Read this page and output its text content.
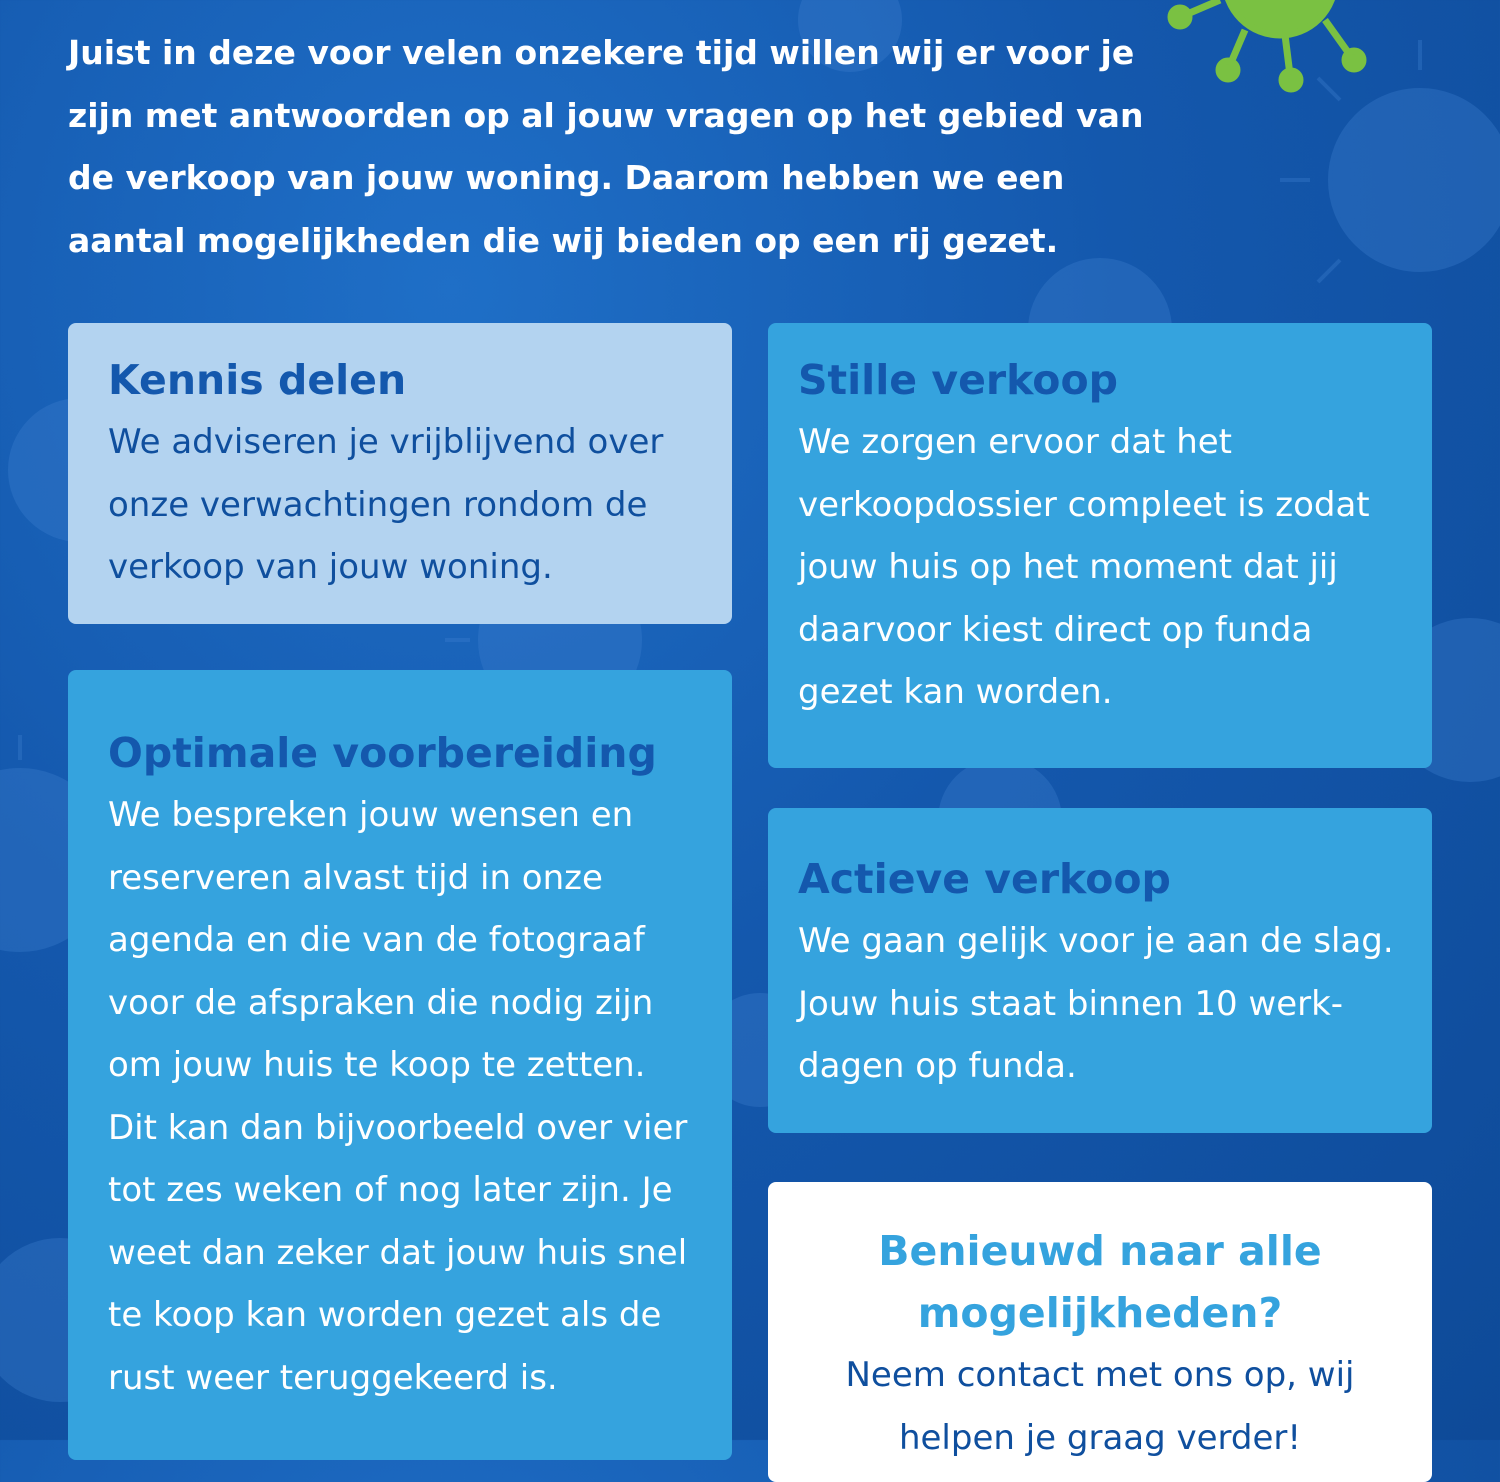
Juist in deze voor velen onzekere tijd willen wij er voor je zijn met antwoorden op al jouw vragen op het gebied van de verkoop van jouw woning. Daarom hebben we een aantal mogelijkheden die wij bieden op een rij gezet.

Kennis delen

We adviseren je vrijblijvend over onze verwachtingen rondom de verkoop van jouw woning.

Stille verkoop

We zorgen ervoor dat het verkoopdossier compleet is zodat jouw huis op het moment dat jij daarvoor kiest direct op funda gezet kan worden.

Optimale voorbereiding

We bespreken jouw wensen en reserveren alvast tijd in onze agenda en die van de fotograaf voor de afspraken die nodig zijn om jouw huis te koop te zetten. Dit kan dan bijvoorbeeld over vier tot zes weken of nog later zijn. Je weet dan zeker dat jouw huis snel te koop kan worden gezet als de rust weer teruggekeerd is.

Actieve verkoop

We gaan gelijk voor je aan de slag. Jouw huis staat binnen 10 werk-dagen op funda.

Benieuwd naar alle mogelijkheden?

Neem contact met ons op, wij helpen je graag verder!
